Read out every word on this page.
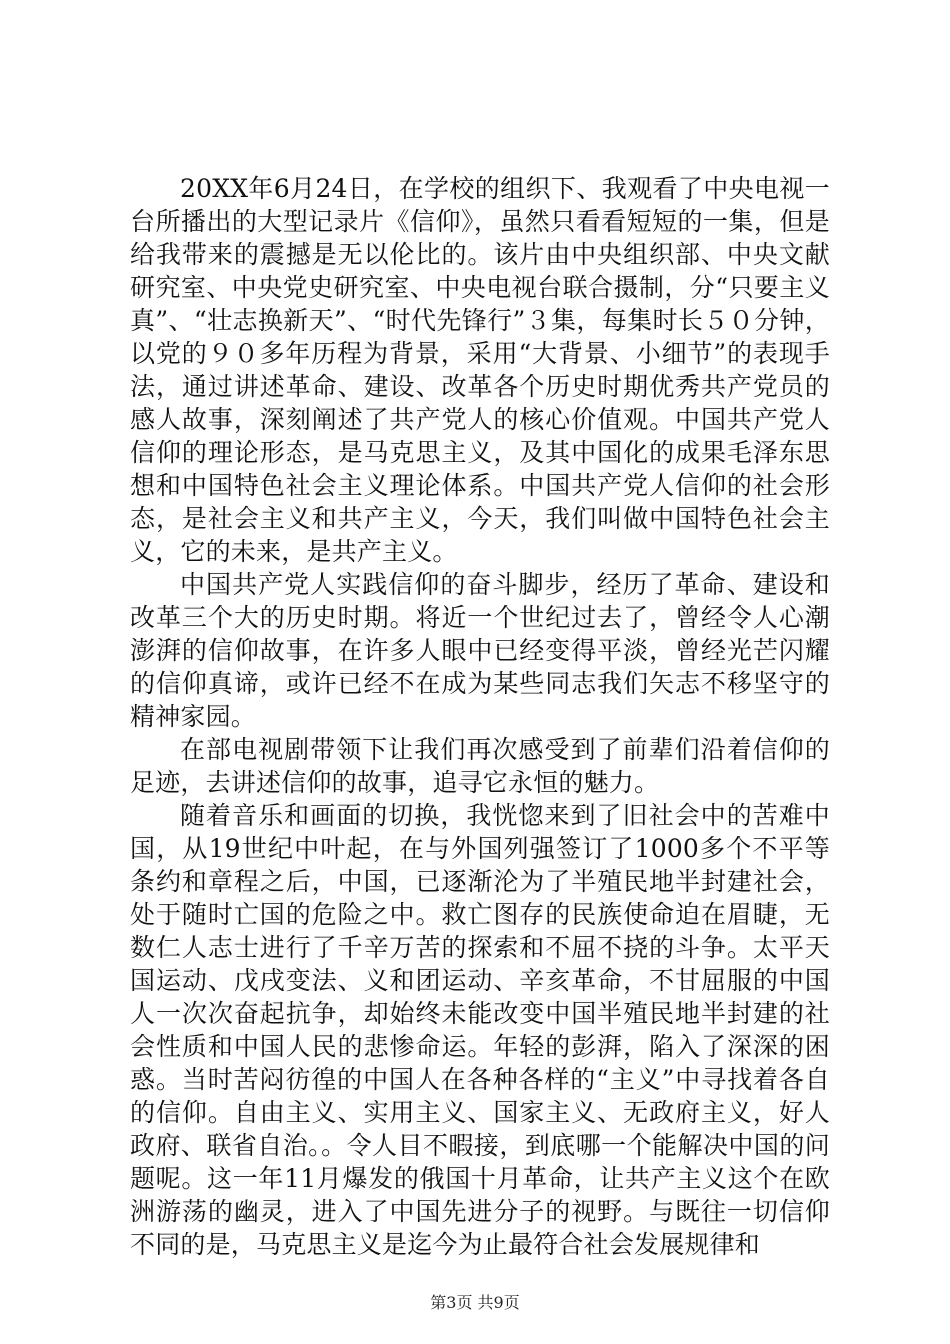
20XX年6月24日，在学校的组织下、我观看了中央电视一台所播出的大型记录片《信仰》，虽然只看看短短的一集，但是给我带来的震撼是无以伦比的。该片由中央组织部、中央文献研究室、中央党史研究室、中央电视台联合摄制，分“只要主义真”、“壮志换新天”、“时代先锋行”３集，每集时长５０分钟，以党的９０多年历程为背景，采用“大背景、小细节”的表现手法，通过讲述革命、建设、改革各个历史时期优秀共产党员的感人故事，深刻阐述了共产党人的核心价值观。中国共产党人信仰的理论形态，是马克思主义，及其中国化的成果毛泽东思想和中国特色社会主义理论体系。中国共产党人信仰的社会形态，是社会主义和共产主义，今天，我们叫做中国特色社会主义，它的未来，是共产主义。

中国共产党人实践信仰的奋斗脚步，经历了革命、建设和改革三个大的历史时期。将近一个世纪过去了，曾经令人心潮澎湃的信仰故事，在许多人眼中已经变得平淡，曾经光芒闪耀的信仰真谛，或许已经不在成为某些同志我们矢志不移坚守的精神家园。

在部电视剧带领下让我们再次感受到了前辈们沿着信仰的足迹，去讲述信仰的故事，追寻它永恒的魅力。

随着音乐和画面的切换，我恍惚来到了旧社会中的苦难中国，从19世纪中叶起，在与外国列强签订了1000多个不平等条约和章程之后，中国，已逐渐沦为了半殖民地半封建社会，处于随时亡国的危险之中。救亡图存的民族使命迫在眉睫，无数仁人志士进行了千辛万苦的探索和不屈不挠的斗争。太平天国运动、戊戌变法、义和团运动、辛亥革命，不甘屈服的中国人一次次奋起抗争，却始终未能改变中国半殖民地半封建的社会性质和中国人民的悲惨命运。年轻的彭湃，陷入了深深的困惑。当时苦闷彷徨的中国人在各种各样的“主义”中寻找着各自的信仰。自由主义、实用主义、国家主义、无政府主义，好人政府、联省自治。。令人目不暇接，到底哪一个能解决中国的问题呢。这一年11月爆发的俄国十月革命，让共产主义这个在欧洲游荡的幽灵，进入了中国先进分子的视野。与既往一切信仰不同的是，马克思主义是迄今为止最符合社会发展规律和

第3页 共9页
